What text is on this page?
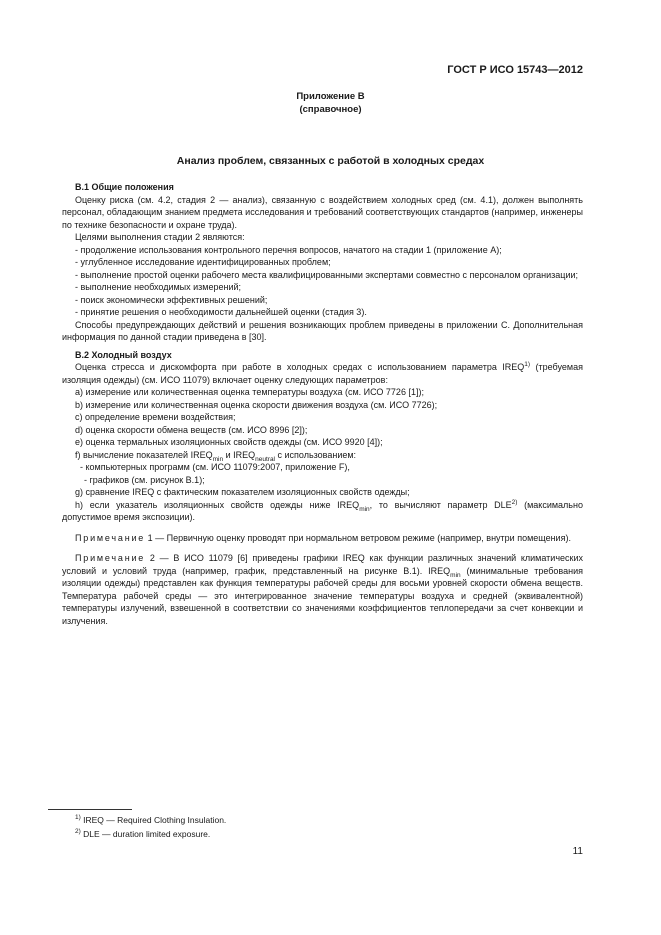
ГОСТ Р ИСО 15743—2012
Приложение В
(справочное)
Анализ проблем, связанных с работой в холодных средах

В.1 Общие положения

Оценку риска (см. 4.2, стадия 2 — анализ), связанную с воздействием холодных сред (см. 4.1), должен выполнять персонал, обладающим знанием предмета исследования и требований соответствующих стандартов (например, инженеры по технике безопасности и охране труда).

Целями выполнения стадии 2 являются:

- продолжение использования контрольного перечня вопросов, начатого на стадии 1 (приложение А);

- углубленное исследование идентифицированных проблем;

- выполнение простой оценки рабочего места квалифицированными экспертами совместно с персоналом организации;

- выполнение необходимых измерений;

- поиск экономически эффективных решений;

- принятие решения о необходимости дальнейшей оценки (стадия 3).

Способы предупреждающих действий и решения возникающих проблем приведены в приложении С. Дополнительная информация по данной стадии приведена в [30].

В.2 Холодный воздух

Оценка стресса и дискомфорта при работе в холодных средах с использованием параметра IREQ$^{1)}$ (требуемая изоляция одежды) (см. ИСО 11079) включает оценку следующих параметров:

a) измерение или количественная оценка температуры воздуха (см. ИСО 7726 [1]);

b) измерение или количественная оценка скорости движения воздуха (см. ИСО 7726);

c) определение времени воздействия;

d) оценка скорости обмена веществ (см. ИСО 8996 [2]);

e) оценка термальных изоляционных свойств одежды (см. ИСО 9920 [4]);

f) вычисление показателей $IREQ_{min}$ и $IREQ_{neutral}$ с использованием:

- компьютерных программ (см. ИСО 11079:2007, приложение F),

- графиков (см. рисунок В.1);

g) сравнение IREQ с фактическим показателем изоляционных свойств одежды;

h) если указатель изоляционных свойств одежды ниже $IREQ_{min}$, то вычисляют параметр DLE$^{2)}$ (максимально допустимое время экспозиции).

Примечание 1 — Первичную оценку проводят при нормальном ветровом режиме (например, внутри помещения).

Примечание 2 — В ИСО 11079 [6] приведены графики IREQ как функции различных значений климатических условий и условий труда (например, график, представленный на рисунке В.1). $IREQ_{min}$ (минимальные требования изоляции одежды) представлен как функция температуры рабочей среды для восьми уровней скорости обмена веществ. Температура рабочей среды — это интегрированное значение температуры воздуха и средней (эквивалентной) температуры излучений, взвешенной в соответствии со значениями коэффициентов теплопередачи за счет конвекции и излучения.

$^{1)}$ IREQ — Required Clothing Insulation.
$^{2)}$ DLE — duration limited exposure.
11
